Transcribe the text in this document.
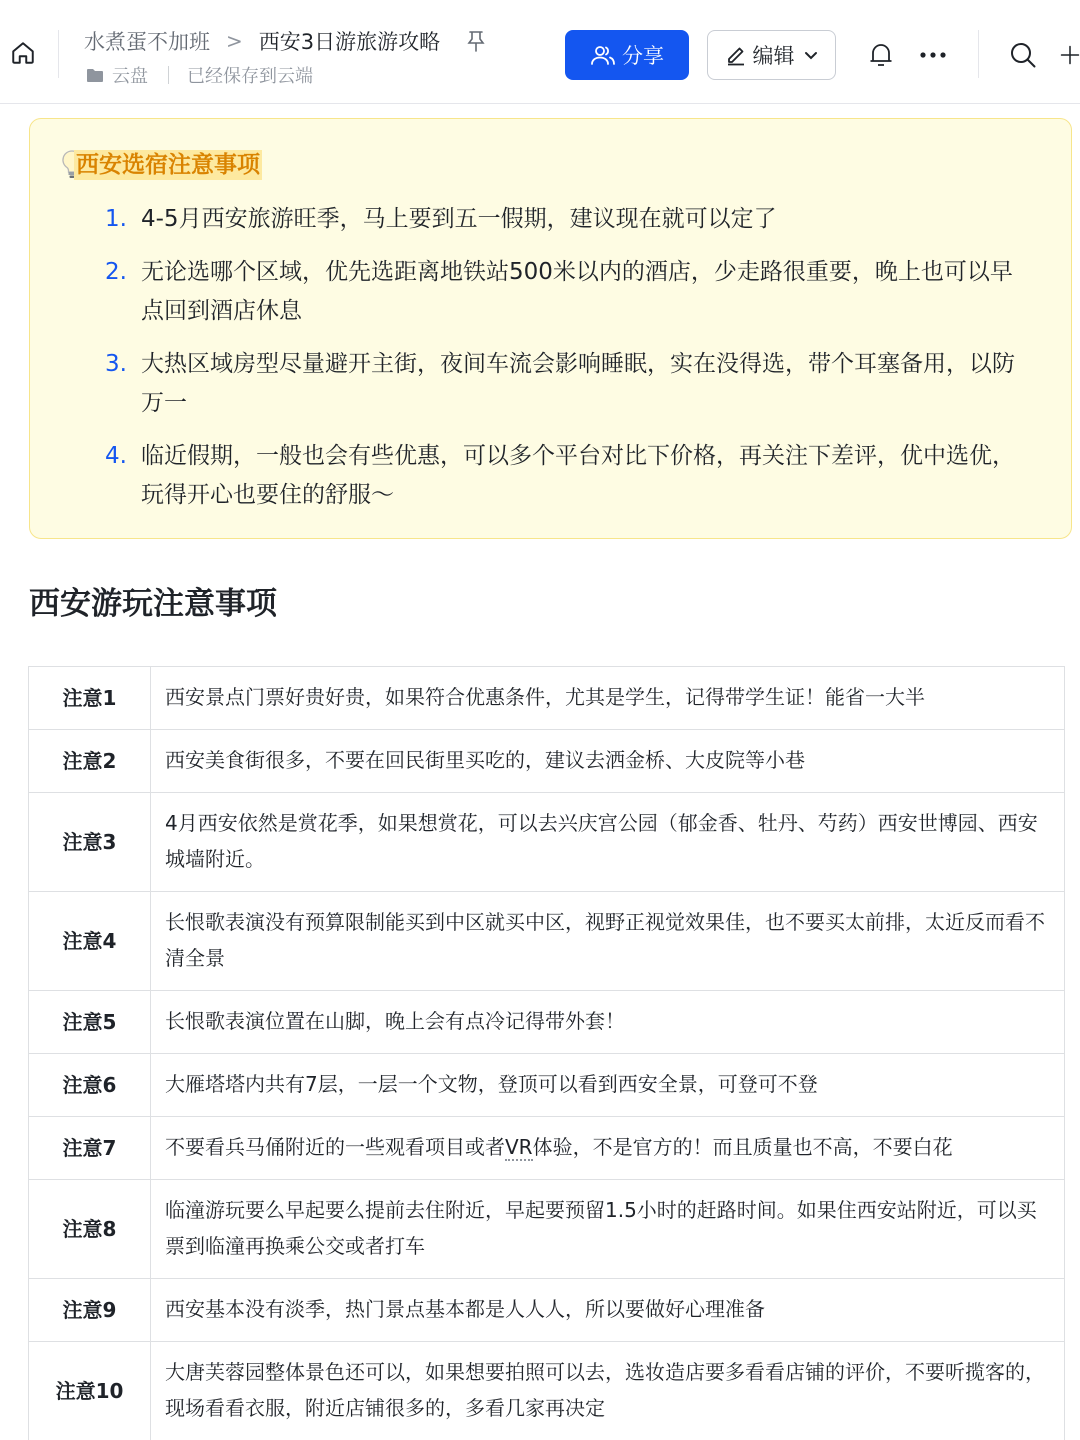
水煮蛋不加班 > 西安3日游旅游攻略
云盘 已经保存到云端
分享	编辑
西安选宿注意事项
1. 4-5月西安旅游旺季，马上要到五一假期，建议现在就可以定了
2. 无论选哪个区域，优先选距离地铁站500米以内的酒店，少走路很重要，晚上也可以早点回到酒店休息
3. 大热区域房型尽量避开主街，夜间车流会影响睡眠，实在没得选，带个耳塞备用，以防万一
4. 临近假期，一般也会有些优惠，可以多个平台对比下价格，再关注下差评，优中选优，玩得开心也要住的舒服～
西安游玩注意事项
注意1	西安景点门票好贵好贵，如果符合优惠条件，尤其是学生，记得带学生证！能省一大半
注意2	西安美食街很多，不要在回民街里买吃的，建议去洒金桥、大皮院等小巷
注意3	4月西安依然是赏花季，如果想赏花，可以去兴庆宫公园（郁金香、牡丹、芍药）西安世博园、西安城墙附近。
注意4	长恨歌表演没有预算限制能买到中区就买中区，视野正视觉效果佳，也不要买太前排，太近反而看不清全景
注意5	长恨歌表演位置在山脚，晚上会有点冷记得带外套！
注意6	大雁塔塔内共有7层，一层一个文物，登顶可以看到西安全景，可登可不登
注意7	不要看兵马俑附近的一些观看项目或者VR体验，不是官方的！而且质量也不高，不要白花
注意8	临潼游玩要么早起要么提前去住附近，早起要预留1.5小时的赶路时间。如果住西安站附近，可以买票到临潼再换乘公交或者打车
注意9	西安基本没有淡季，热门景点基本都是人人人，所以要做好心理准备
注意10	大唐芙蓉园整体景色还可以，如果想要拍照可以去，选妆造店要多看看店铺的评价，不要听揽客的，现场看看衣服，附近店铺很多的，多看几家再决定
